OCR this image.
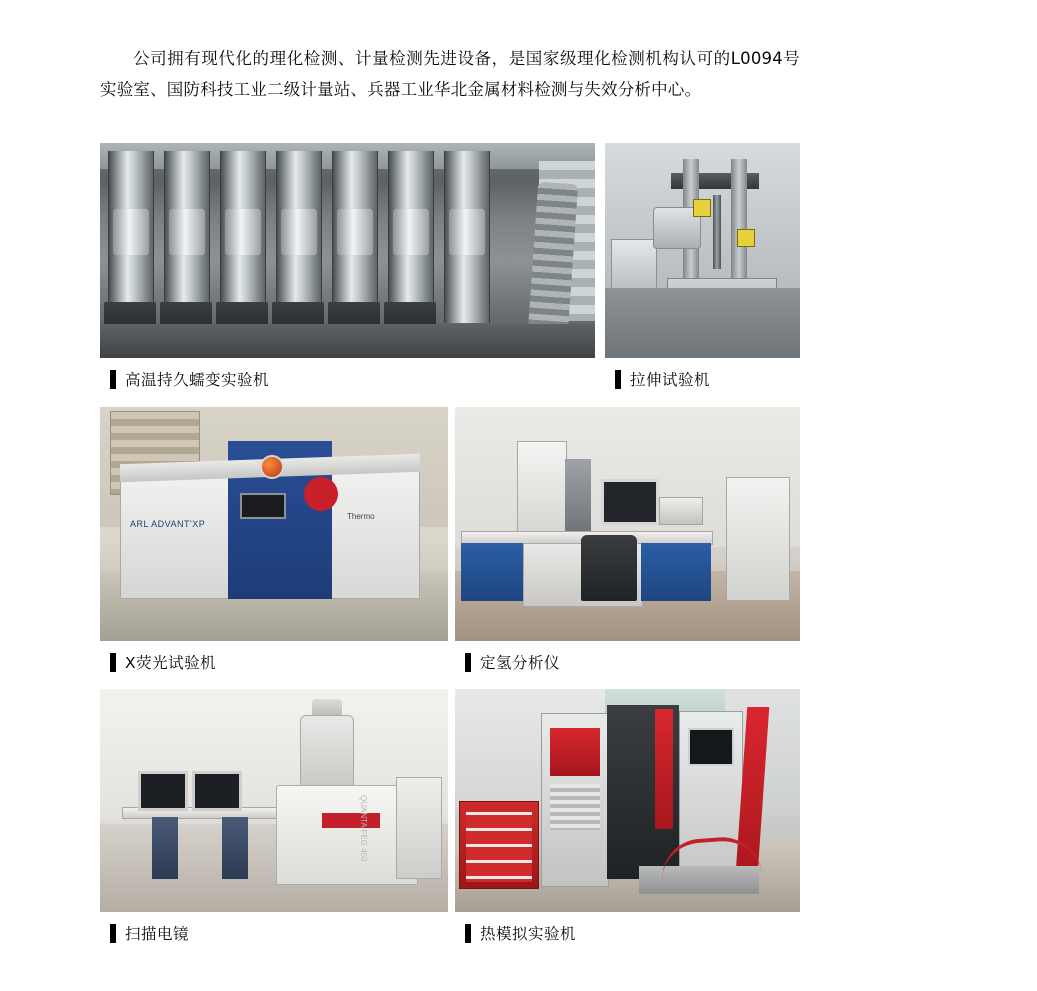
公司拥有现代化的理化检测、计量检测先进设备，是国家级理化检测机构认可的L0094号实验室、国防科技工业二级计量站、兵器工业华北金属材料检测与失效分析中心。

高温持久蠕变实验机	拉伸试验机
Thermo
ARL ADVANT'XP
X荧光试验机	定氢分析仪
QUANTA FEG 450
扫描电镜
GLEEBLE SYSTEM
热模拟实验机
